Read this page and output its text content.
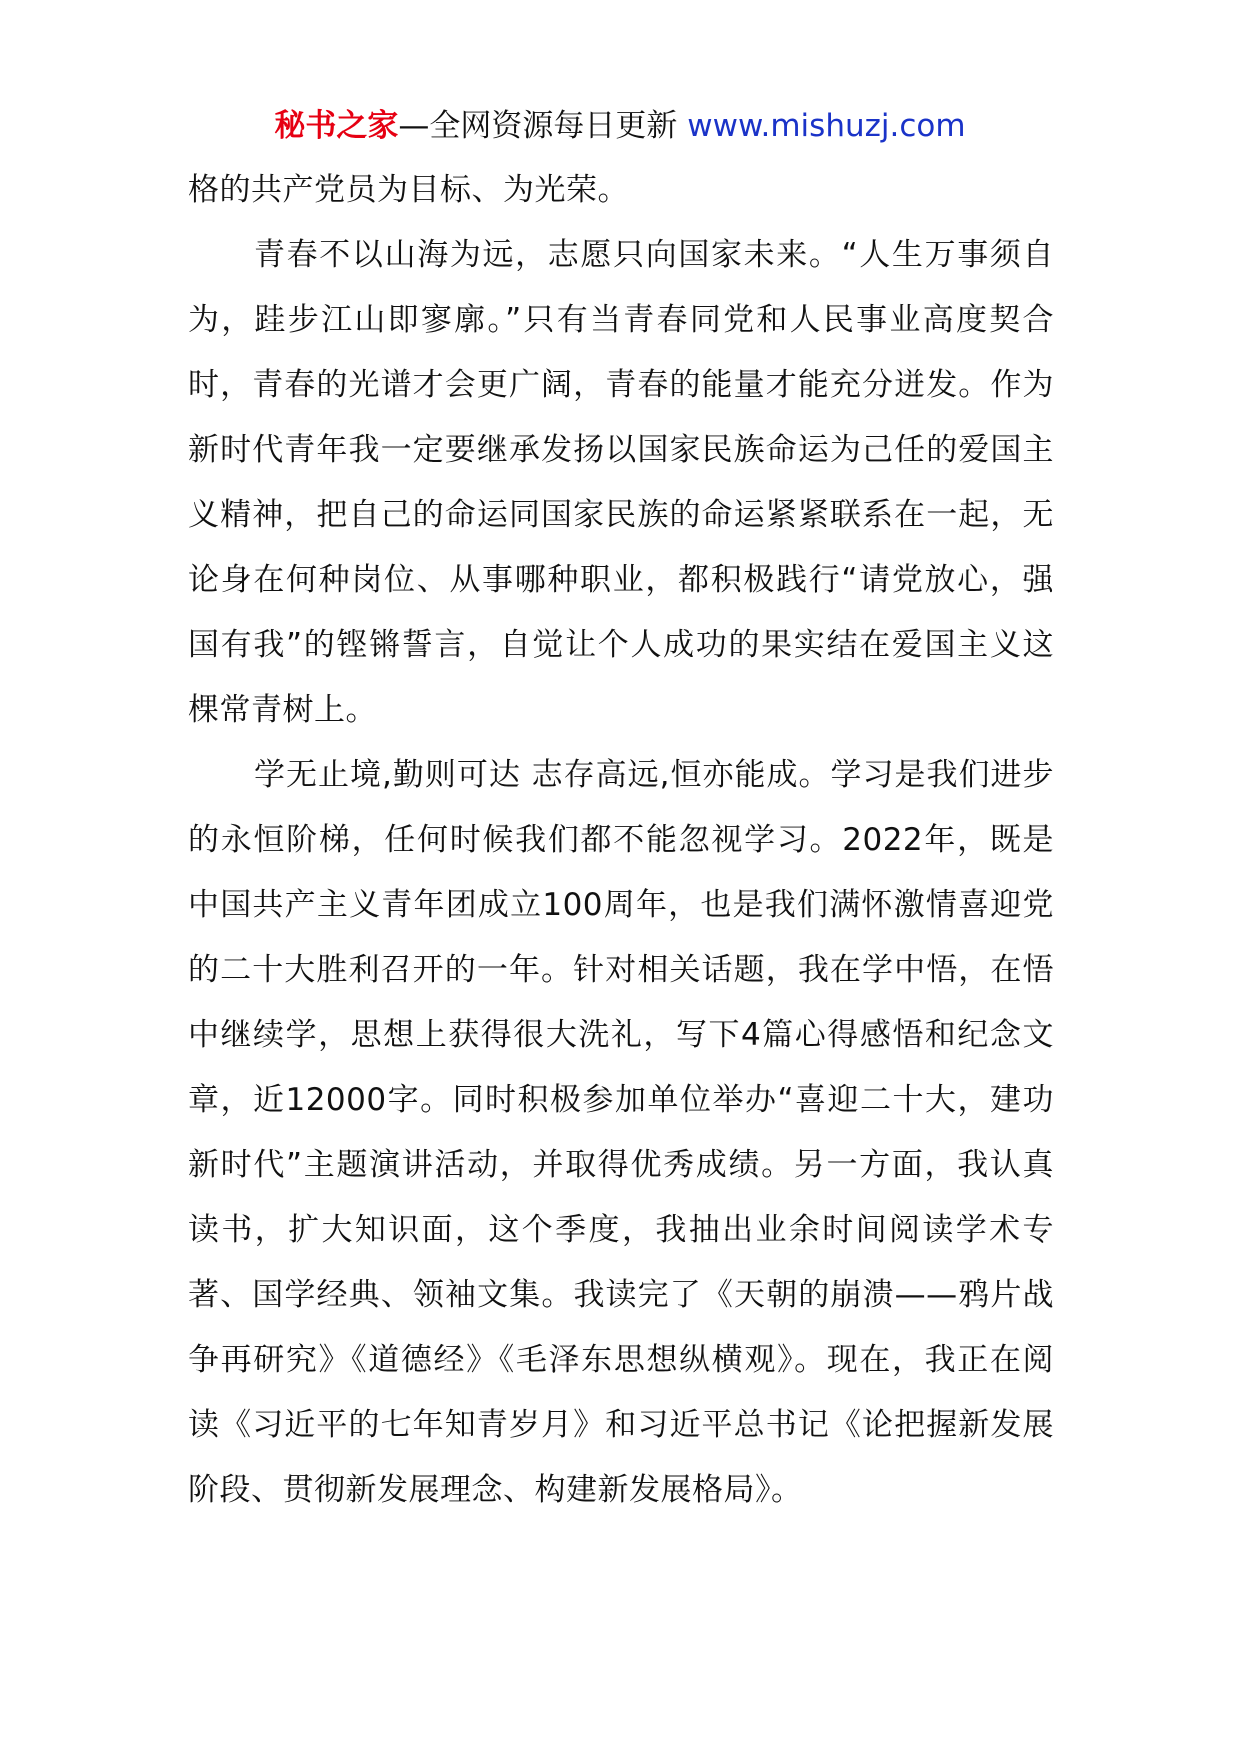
秘书之家—全网资源每日更新 www.mishuzj.com

格的共产党员为目标、为光荣。

青春不以山海为远，志愿只向国家未来。“人生万事须自为，跬步江山即寥廓。”只有当青春同党和人民事业高度契合时，青春的光谱才会更广阔，青春的能量才能充分迸发。作为新时代青年我一定要继承发扬以国家民族命运为己任的爱国主义精神，把自己的命运同国家民族的命运紧紧联系在一起，无论身在何种岗位、从事哪种职业，都积极践行“请党放心，强国有我”的铿锵誓言，自觉让个人成功的果实结在爱国主义这棵常青树上。

学无止境,勤则可达 志存高远,恒亦能成。学习是我们进步的永恒阶梯，任何时候我们都不能忽视学习。2022年，既是中国共产主义青年团成立100周年，也是我们满怀激情喜迎党的二十大胜利召开的一年。针对相关话题，我在学中悟，在悟中继续学，思想上获得很大洗礼，写下4篇心得感悟和纪念文章，近12000字。同时积极参加单位举办“喜迎二十大，建功新时代”主题演讲活动，并取得优秀成绩。另一方面，我认真读书，扩大知识面，这个季度，我抽出业余时间阅读学术专著、国学经典、领袖文集。我读完了《天朝的崩溃——鸦片战争再研究》《道德经》《毛泽东思想纵横观》。现在，我正在阅读《习近平的七年知青岁月》和习近平总书记《论把握新发展阶段、贯彻新发展理念、构建新发展格局》。
